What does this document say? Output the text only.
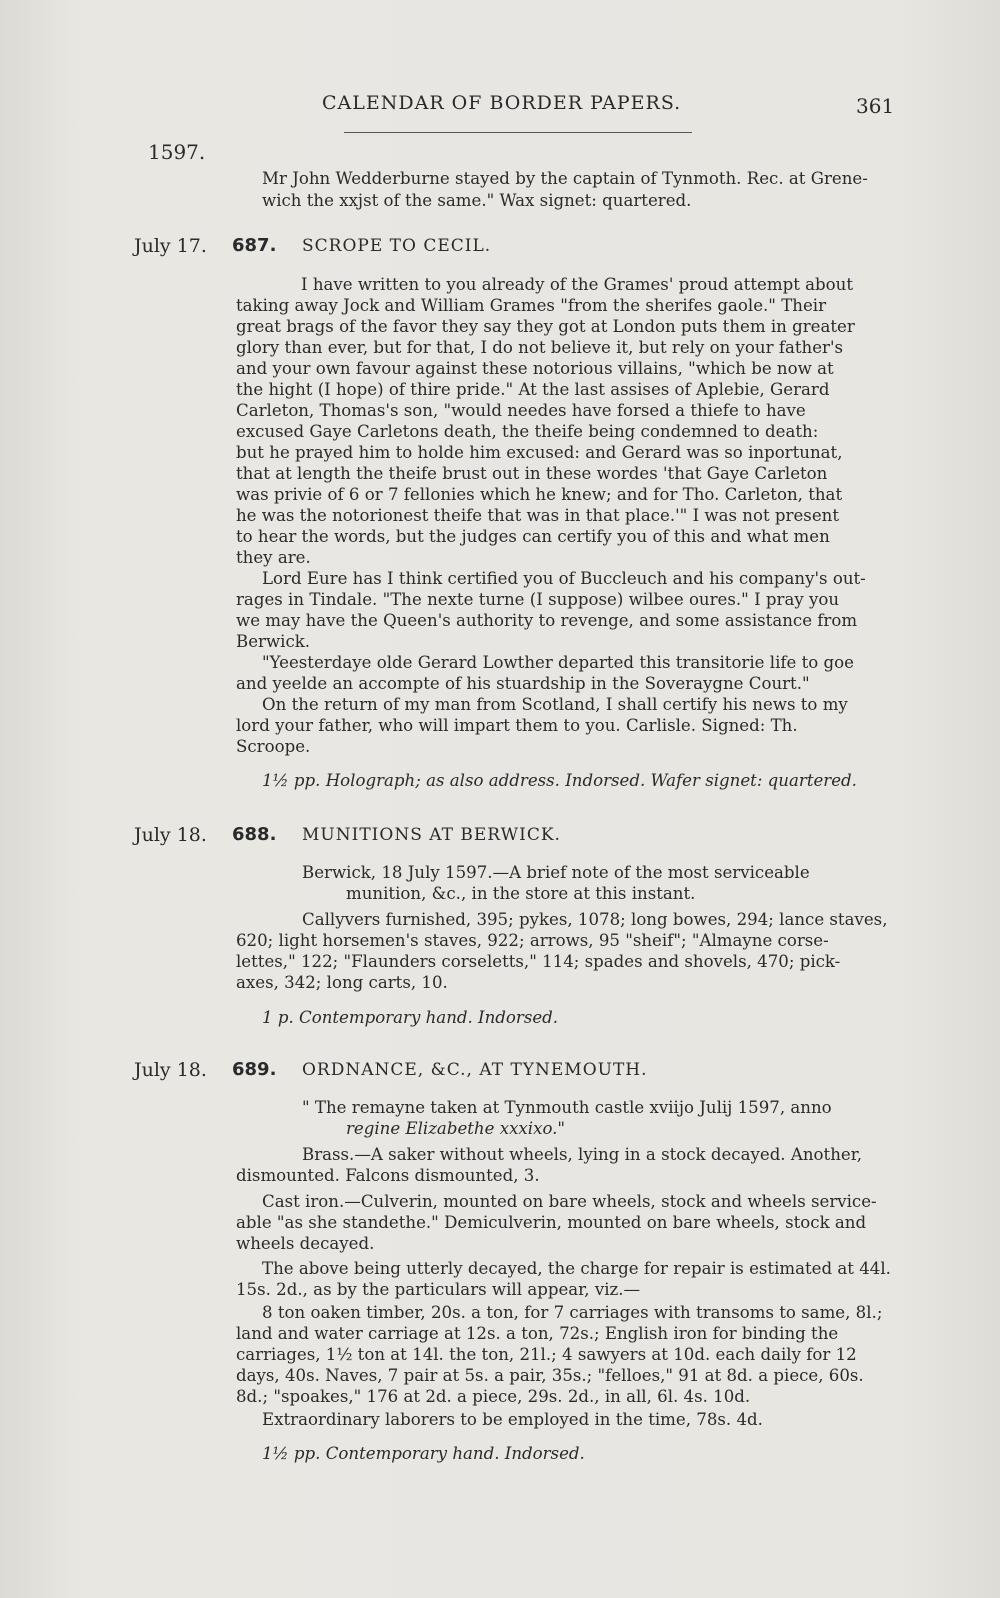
CALENDAR OF BORDER PAPERS.	361
1597.
Mr John Wedderburne stayed by the captain of Tynmoth. Rec. at Grene-
wich the xxjst of the same." Wax signet: quartered.
July 17. 687. SCROPE TO CECIL.
I have written to you already of the Grames' proud attempt about
taking away Jock and William Grames "from the sherifes gaole." Their
great brags of the favor they say they got at London puts them in greater
glory than ever, but for that, I do not believe it, but rely on your father's
and your own favour against these notorious villains, "which be now at
the hight (I hope) of thire pride." At the last assises of Aplebie, Gerard
Carleton, Thomas's son, "would needes have forsed a thiefe to have
excused Gaye Carletons death, the theife being condemned to death:
but he prayed him to holde him excused: and Gerard was so inportunat,
that at length the theife brust out in these wordes 'that Gaye Carleton
was privie of 6 or 7 fellonies which he knew; and for Tho. Carleton, that
he was the notorionest theife that was in that place.'" I was not present
to hear the words, but the judges can certify you of this and what men
they are.
Lord Eure has I think certified you of Buccleuch and his company's out-
rages in Tindale. "The nexte turne (I suppose) wilbee oures." I pray you
we may have the Queen's authority to revenge, and some assistance from
Berwick.
"Yeesterdaye olde Gerard Lowther departed this transitorie life to goe
and yeelde an accompte of his stuardship in the Soveraygne Court."
On the return of my man from Scotland, I shall certify his news to my
lord your father, who will impart them to you. Carlisle. Signed: Th.
Scroope.
1½ pp. Holograph; as also address. Indorsed. Wafer signet: quartered.
July 18. 688. MUNITIONS AT BERWICK.
Berwick, 18 July 1597.—A brief note of the most serviceable
munition, &c., in the store at this instant.
Callyvers furnished, 395; pykes, 1078; long bowes, 294; lance staves,
620; light horsemen's staves, 922; arrows, 95 "sheif"; "Almayne corse-
lettes," 122; "Flaunders corseletts," 114; spades and shovels, 470; pick-
axes, 342; long carts, 10.
1 p. Contemporary hand. Indorsed.
July 18. 689. ORDNANCE, &C., AT TYNEMOUTH.
" The remayne taken at Tynmouth castle xviijo Julij 1597, anno
regine Elizabethe xxxixo."
Brass.—A saker without wheels, lying in a stock decayed. Another,
dismounted. Falcons dismounted, 3.
Cast iron.—Culverin, mounted on bare wheels, stock and wheels service-
able "as she standethe." Demiculverin, mounted on bare wheels, stock and
wheels decayed.
The above being utterly decayed, the charge for repair is estimated at 44l.
15s. 2d., as by the particulars will appear, viz.—
8 ton oaken timber, 20s. a ton, for 7 carriages with transoms to same, 8l.;
land and water carriage at 12s. a ton, 72s.; English iron for binding the
carriages, 1½ ton at 14l. the ton, 21l.; 4 sawyers at 10d. each daily for 12
days, 40s. Naves, 7 pair at 5s. a pair, 35s.; "felloes," 91 at 8d. a piece, 60s.
8d.; "spoakes," 176 at 2d. a piece, 29s. 2d., in all, 6l. 4s. 10d.
Extraordinary laborers to be employed in the time, 78s. 4d.
1½ pp. Contemporary hand. Indorsed.
